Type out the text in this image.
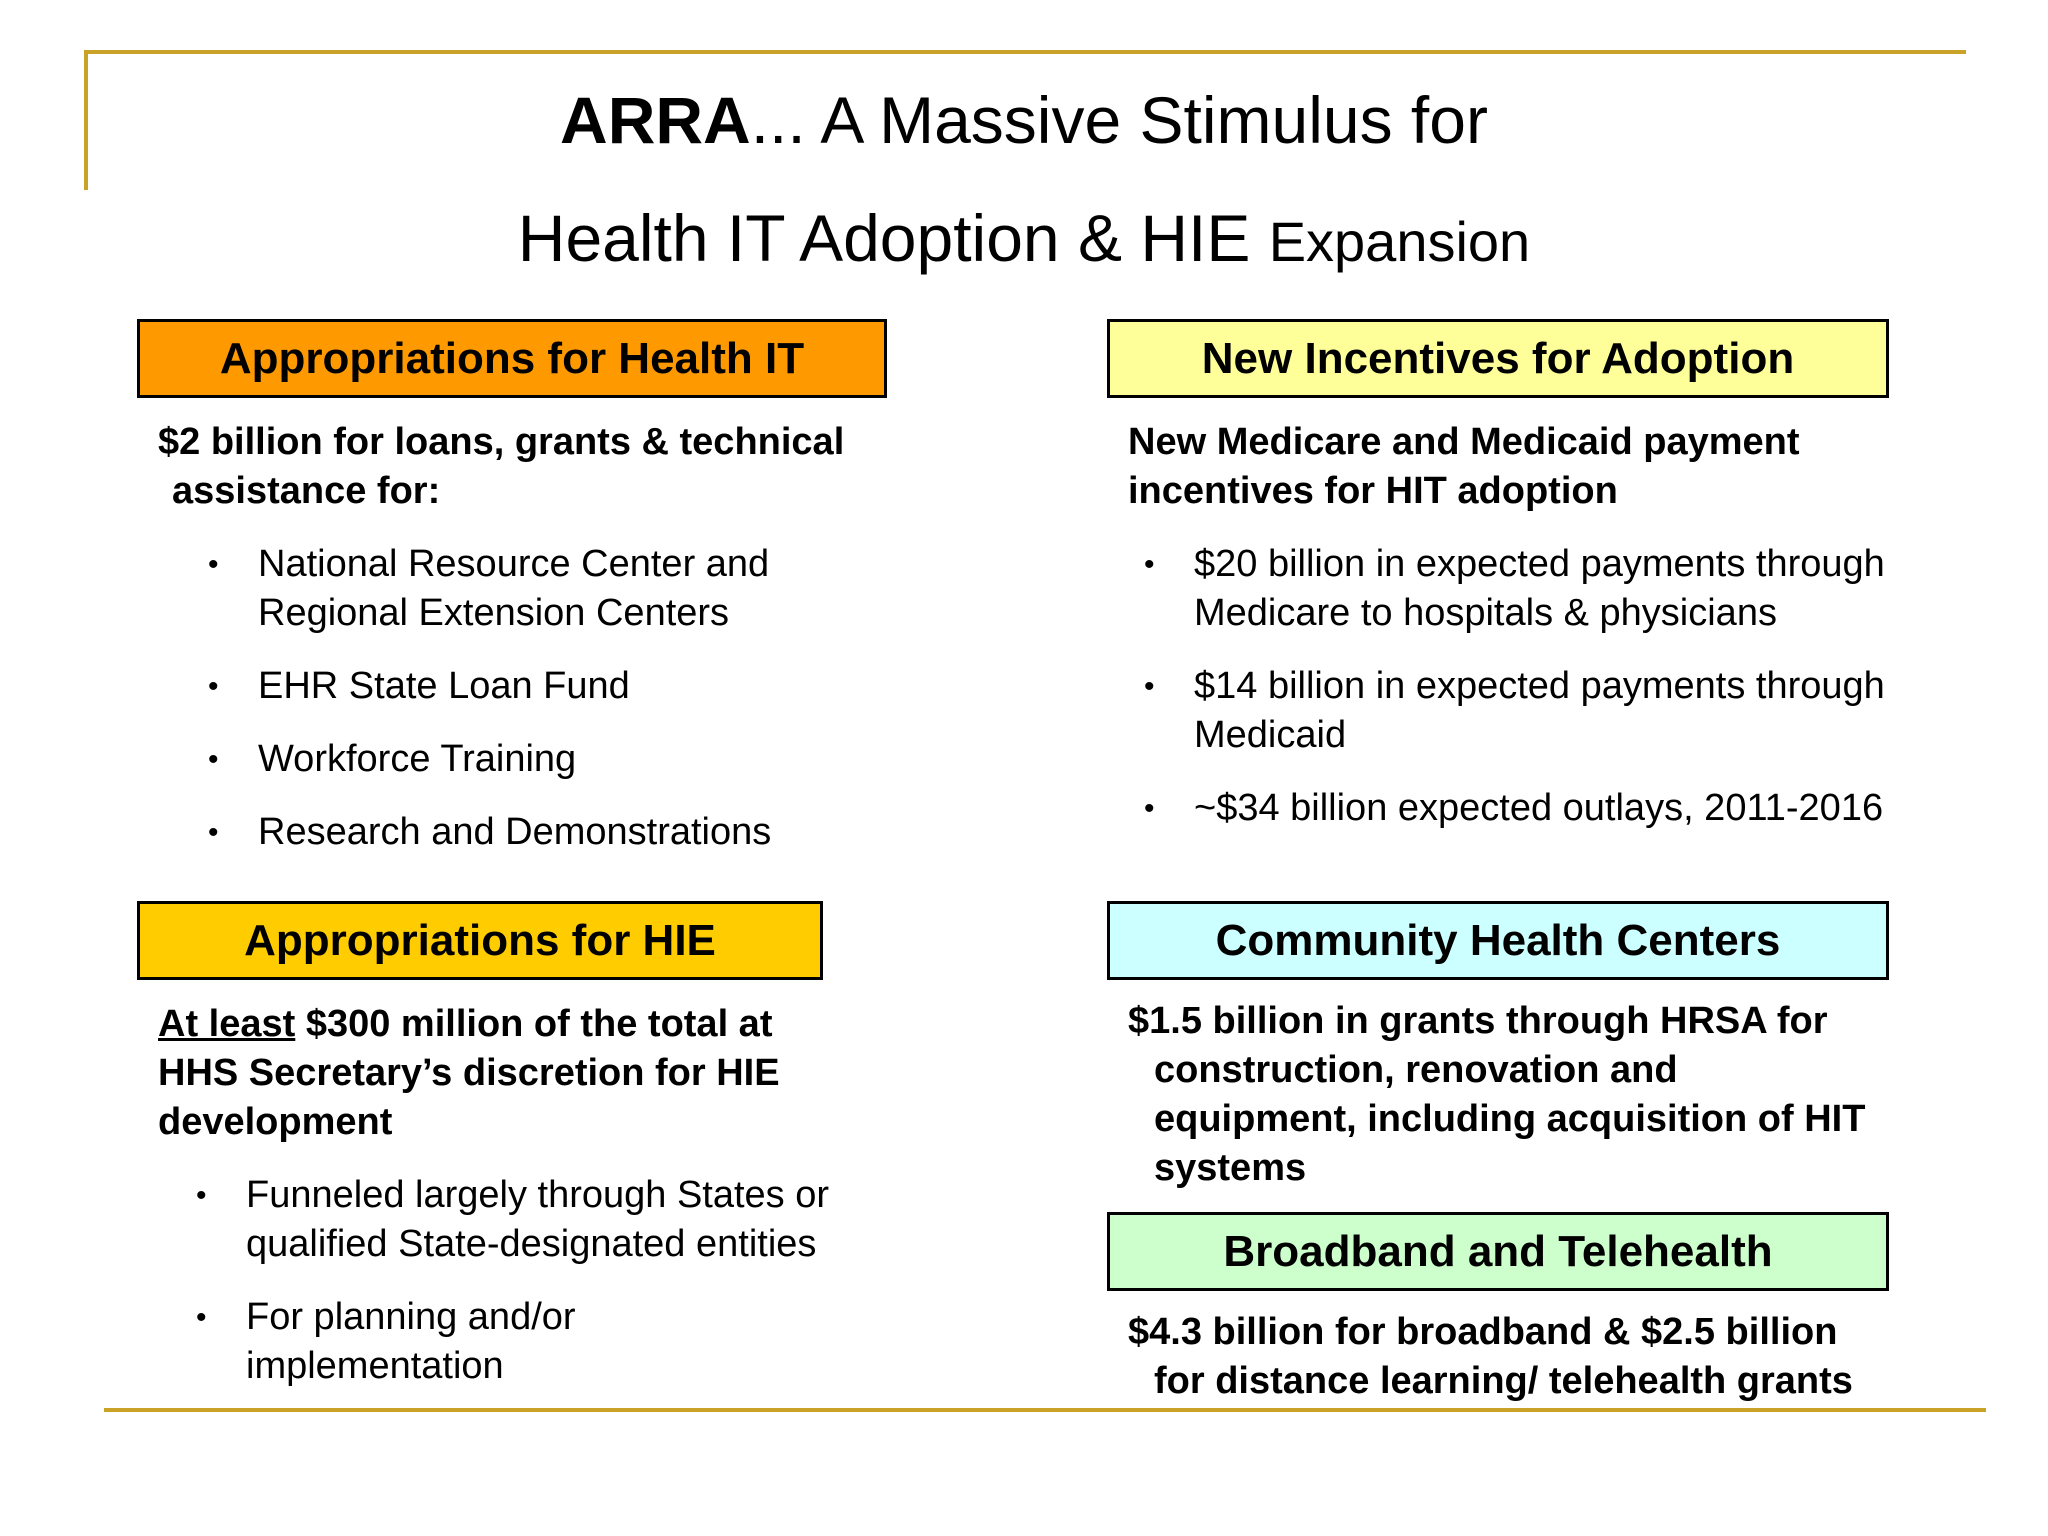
ARRA... A Massive Stimulus for
Health IT Adoption & HIE Expansion
Appropriations for Health IT
$2 billion for loans, grants & technical
assistance for:
• National Resource Center and Regional Extension Centers
• EHR State Loan Fund
• Workforce Training
• Research and Demonstrations
Appropriations for HIE
At least $300 million of the total at HHS Secretary’s discretion for HIE development
• Funneled largely through States or qualified State-designated entities
• For planning and/or implementation
New Incentives for Adoption
New Medicare and Medicaid payment incentives for HIT adoption
• $20 billion in expected payments through Medicare to hospitals & physicians
• $14 billion in expected payments through Medicaid
• ~$34 billion expected outlays, 2011-2016
Community Health Centers
$1.5 billion in grants through HRSA for
construction, renovation and
equipment, including acquisition of HIT
systems
Broadband and Telehealth
$4.3 billion for broadband & $2.5 billion
for distance learning/ telehealth grants
